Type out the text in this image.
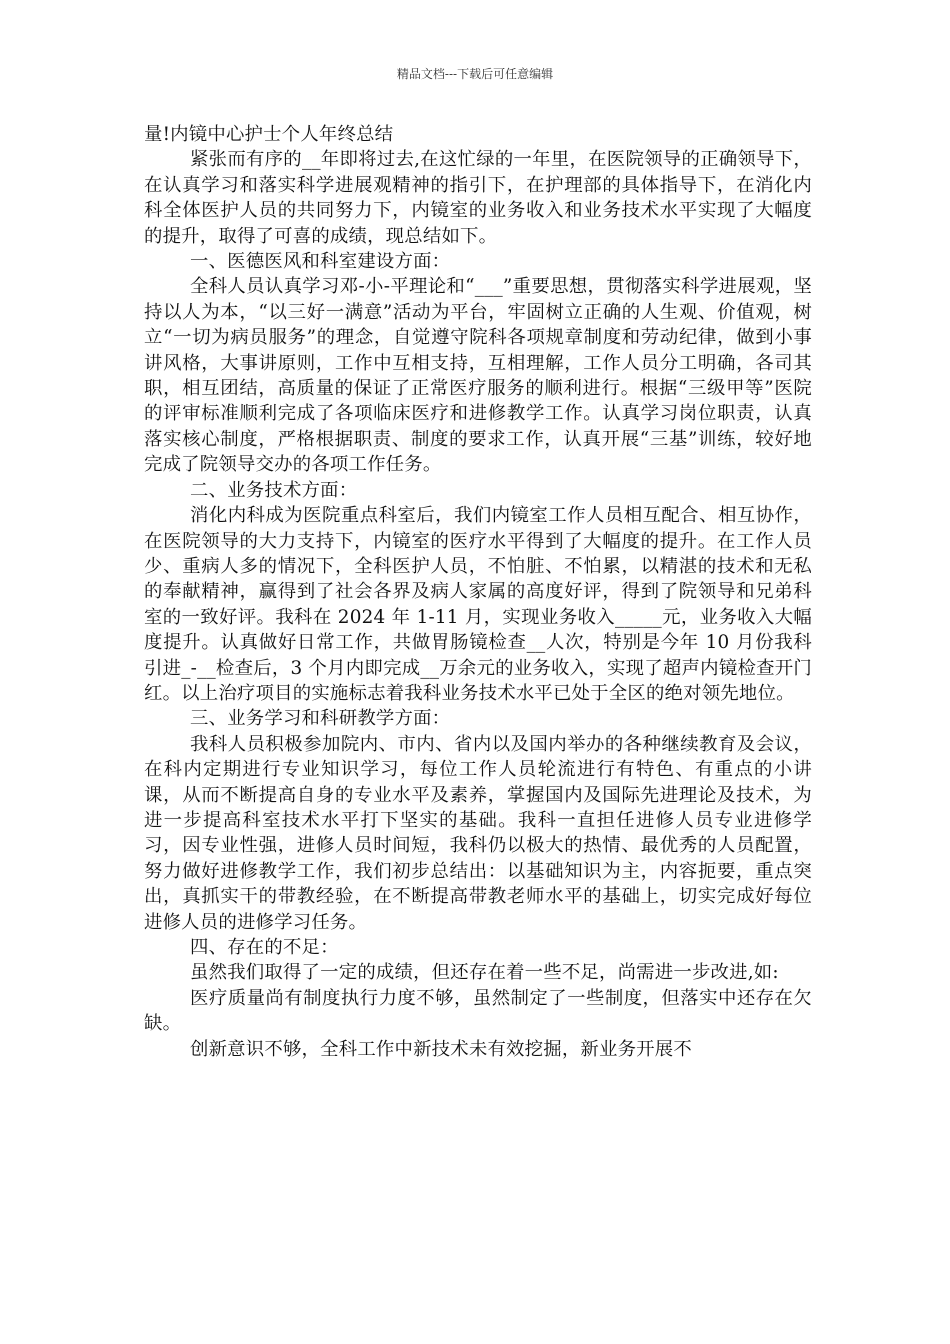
精品文档---下载后可任意编辑

量!内镜中心护士个人年终总结

紧张而有序的__年即将过去,在这忙绿的一年里，在医院领导的正确领导下，在认真学习和落实科学进展观精神的指引下，在护理部的具体指导下，在消化内科全体医护人员的共同努力下，内镜室的业务收入和业务技术水平实现了大幅度的提升，取得了可喜的成绩，现总结如下。

一、医德医风和科室建设方面：

全科人员认真学习邓-小-平理论和“___”重要思想，贯彻落实科学进展观，坚持以人为本，“以三好一满意”活动为平台，牢固树立正确的人生观、价值观，树立“一切为病员服务”的理念，自觉遵守院科各项规章制度和劳动纪律，做到小事讲风格，大事讲原则，工作中互相支持，互相理解，工作人员分工明确，各司其职，相互团结，高质量的保证了正常医疗服务的顺利进行。根据“三级甲等”医院的评审标准顺利完成了各项临床医疗和进修教学工作。认真学习岗位职责，认真落实核心制度，严格根据职责、制度的要求工作，认真开展“三基”训练，较好地完成了院领导交办的各项工作任务。

二、业务技术方面：

消化内科成为医院重点科室后，我们内镜室工作人员相互配合、相互协作，在医院领导的大力支持下，内镜室的医疗水平得到了大幅度的提升。在工作人员少、重病人多的情况下，全科医护人员，不怕脏、不怕累，以精湛的技术和无私的奉献精神，赢得到了社会各界及病人家属的高度好评，得到了院领导和兄弟科室的一致好评。我科在 2024 年 1-11 月，实现业务收入_____元，业务收入大幅度提升。认真做好日常工作，共做胃肠镜检查__人次，特别是今年 10 月份我科引进_-__检查后，3 个月内即完成__万余元的业务收入，实现了超声内镜检查开门红。以上治疗项目的实施标志着我科业务技术水平已处于全区的绝对领先地位。

三、业务学习和科研教学方面：

我科人员积极参加院内、市内、省内以及国内举办的各种继续教育及会议，在科内定期进行专业知识学习，每位工作人员轮流进行有特色、有重点的小讲课，从而不断提高自身的专业水平及素养，掌握国内及国际先进理论及技术，为进一步提高科室技术水平打下坚实的基础。我科一直担任进修人员专业进修学习，因专业性强，进修人员时间短，我科仍以极大的热情、最优秀的人员配置，努力做好进修教学工作，我们初步总结出：以基础知识为主，内容扼要，重点突出，真抓实干的带教经验，在不断提高带教老师水平的基础上，切实完成好每位进修人员的进修学习任务。

四、存在的不足：

虽然我们取得了一定的成绩，但还存在着一些不足，尚需进一步改进,如:

医疗质量尚有制度执行力度不够，虽然制定了一些制度，但落实中还存在欠缺。

创新意识不够，全科工作中新技术未有效挖掘，新业务开展不
